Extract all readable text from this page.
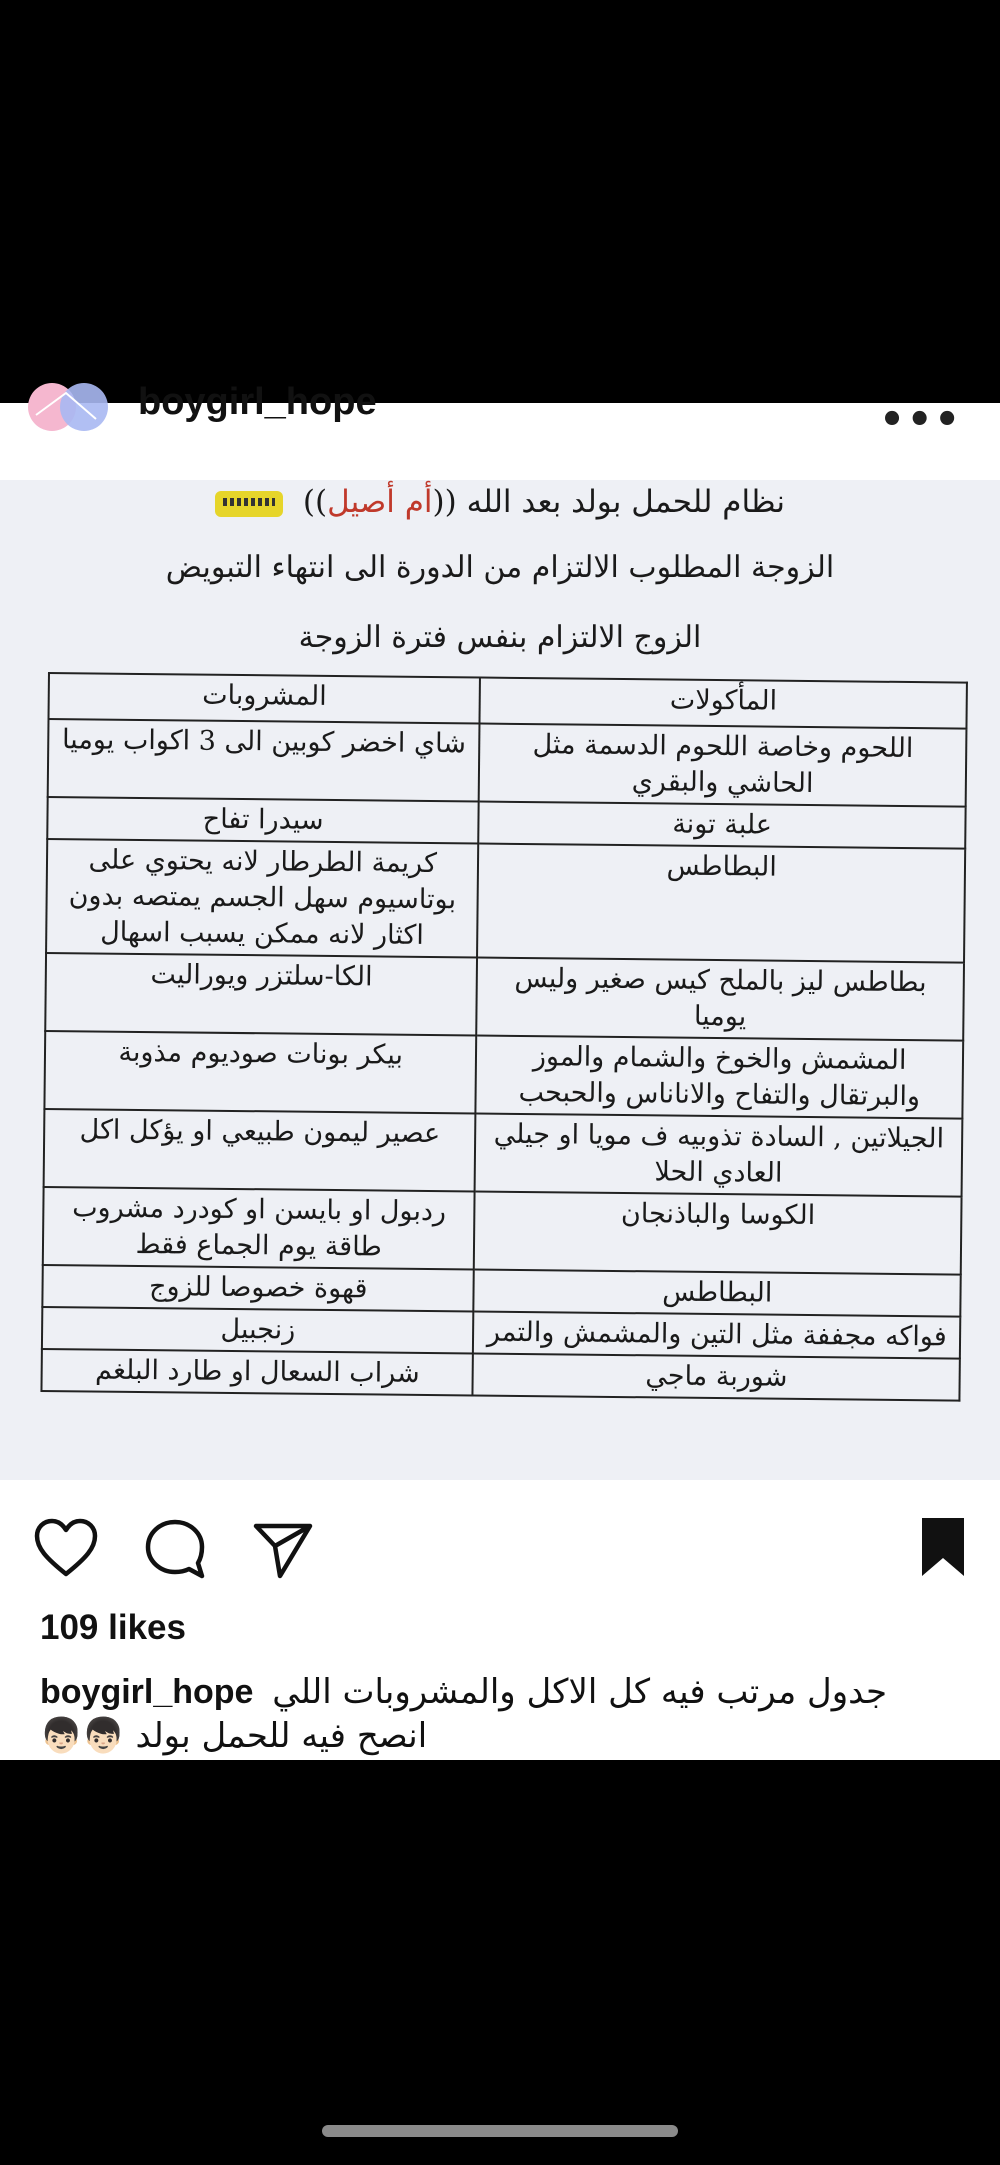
boygirl_hope	•••
نظام للحمل بولد بعد الله ((أم أصيل))
الزوجة المطلوب الالتزام من الدورة الى انتهاء التبويض
الزوج الالتزام بنفس فترة الزوجة
المشروبات	المأكولات
شاي اخضر كوبين الى 3 اكواب يوميا	اللحوم وخاصة اللحوم الدسمة مثل الحاشي والبقري
سيدرا تفاح	علبة تونة
كريمة الطرطار لانه يحتوي على بوتاسيوم سهل الجسم يمتصه بدون اكثار لانه ممكن يسبب اسهال	البطاطس
الكا-سلتزر ويوراليت	بطاطس ليز بالملح كيس صغير وليس يوميا
بيكر بونات صوديوم مذوبة	المشمش والخوخ والشمام والموز والبرتقال والتفاح والاناناس والحبحب
عصير ليمون طبيعي او يؤكل اكل	الجيلاتين , السادة تذوبيه ف مويا او جيلي العادي الحلا
ردبول او بايسن او كودرد مشروب طاقة يوم الجماع فقط	الكوسا والباذنجان
قهوة خصوصا للزوج	البطاطس
زنجبيل	فواكه مجففة مثل التين والمشمش والتمر
شراب السعال او طارد البلغم	شوربة ماجي
109 likes
boygirl_hope جدول مرتب فيه كل الاكل والمشروبات اللي انصح فيه للحمل بولد 👦🏻👦🏻
